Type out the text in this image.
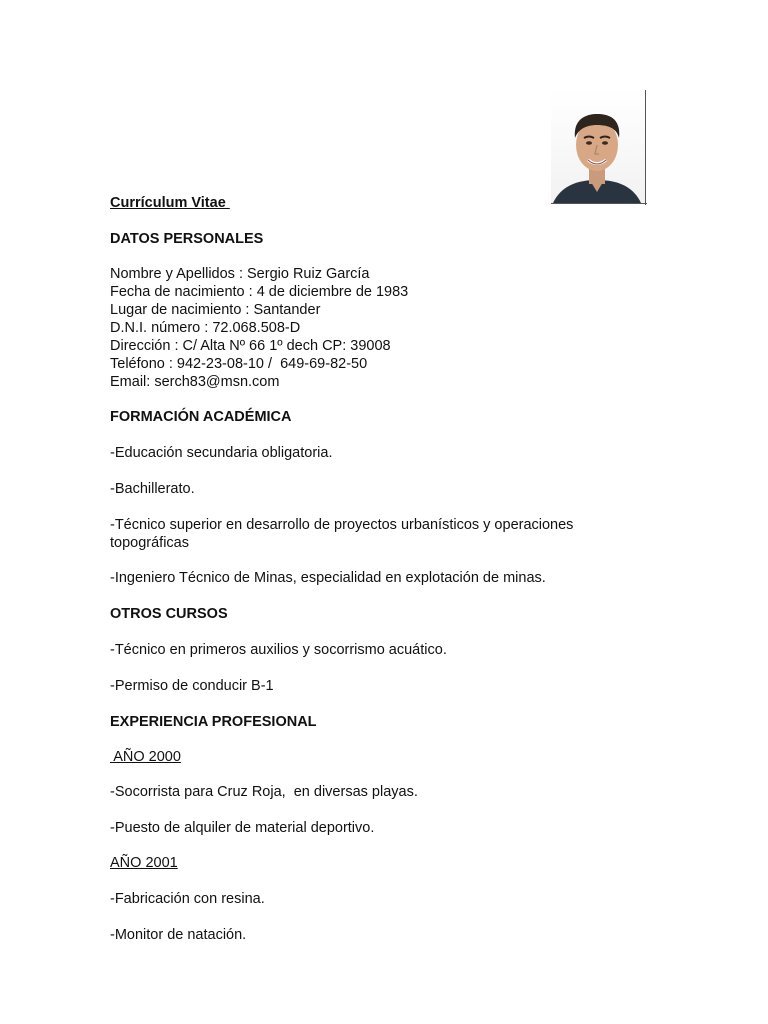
Currículum Vitae
DATOS PERSONALES
Nombre y Apellidos : Sergio Ruiz García
Fecha de nacimiento : 4 de diciembre de 1983
Lugar de nacimiento : Santander
D.N.I. número : 72.068.508-D
Dirección : C/ Alta Nº 66 1º dech CP: 39008
Teléfono : 942-23-08-10 /  649-69-82-50
Email: serch83@msn.com
FORMACIÓN ACADÉMICA
-Educación secundaria obligatoria.
-Bachillerato.
-Técnico superior en desarrollo de proyectos urbanísticos y operaciones
topográficas
-Ingeniero Técnico de Minas, especialidad en explotación de minas.
OTROS CURSOS
-Técnico en primeros auxilios y socorrismo acuático.
-Permiso de conducir B-1
EXPERIENCIA PROFESIONAL
AÑO 2000
-Socorrista para Cruz Roja,  en diversas playas.
-Puesto de alquiler de material deportivo.
AÑO 2001
-Fabricación con resina.
-Monitor de natación.
